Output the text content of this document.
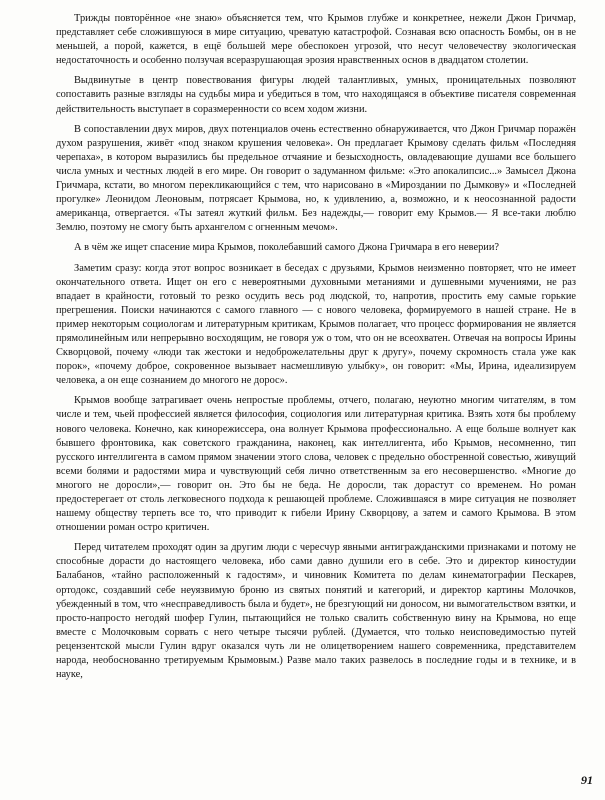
Трижды повторённое «не знаю» объясняется тем, что Крымов глубже и конкретнее, нежели Джон Гричмар, представляет себе сложившуюся в мире ситуацию, чреватую катастрофой. Сознавая всю опасность Бомбы, он в не меньшей, а порой, кажется, в ещё большей мере обеспокоен угрозой, что несут человечеству экологическая недостаточность и особенно ползучая всеразрушающая эрозия нравственных основ в двадцатом столетии.

Выдвинутые в центр повествования фигуры людей талантливых, умных, проницательных позволяют сопоставить разные взгляды на судьбы мира и убедиться в том, что находящаяся в объективе писателя современная действительность выступает в соразмеренности со всем ходом жизни.

В сопоставлении двух миров, двух потенциалов очень естественно обнаруживается, что Джон Гричмар поражён духом разрушения, живёт «под знаком крушения человека». Он предлагает Крымову сделать фильм «Последняя черепаха», в котором выразились бы предельное отчаяние и безысходность, овладевающие душами все большего числа умных и честных людей в его мире. Он говорит о задуманном фильме: «Это апокалипсис...» Замысел Джона Гричмара, кстати, во многом перекликающийся с тем, что нарисовано в «Мироздании по Дымкову» и «Последней прогулке» Леонидом Леоновым, потрясает Крымова, но, к удивлению, а, возможно, и к неосознанной радости американца, отвергается. «Ты затеял жуткий фильм. Без надежды,— говорит ему Крымов.— Я все-таки люблю Землю, поэтому не смогу быть архангелом с огненным мечом».

А в чём же ищет спасение мира Крымов, поколебавший самого Джона Гричмара в его неверии?

Заметим сразу: когда этот вопрос возникает в беседах с друзьями, Крымов неизменно повторяет, что не имеет окончательного ответа. Ищет он его с невероятными духовными метаниями и душевными мучениями, не раз впадает в крайности, готовый то резко осудить весь род людской, то, напротив, простить ему самые горькие прегрешения. Поиски начинаются с самого главного — с нового человека, формируемого в нашей стране. Не в пример некоторым социологам и литературным критикам, Крымов полагает, что процесс формирования не является прямолинейным или непрерывно восходящим, не говоря уж о том, что он не всеохватен. Отвечая на вопросы Ирины Скворцовой, почему «люди так жестоки и недоброжелательны друг к другу», почему скромность стала уже как порок», «почему доброе, сокровенное вызывает насмешливую улыбку», он говорит: «Мы, Ирина, идеализируем человека, а он еще сознанием до многого не дорос».

Крымов вообще затрагивает очень непростые проблемы, отчего, полагаю, неуютно многим читателям, в том числе и тем, чьей профессией является философия, социология или литературная критика. Взять хотя бы проблему нового человека. Конечно, как кинорежиссера, она волнует Крымова профессионально. А еще больше волнует как бывшего фронтовика, как советского гражданина, наконец, как интеллигента, ибо Крымов, несомненно, тип русского интеллигента в самом прямом значении этого слова, человек с предельно обостренной совестью, живущий всеми болями и радостями мира и чувствующий себя лично ответственным за его несовершенство. «Многие до многого не доросли»,— говорит он. Это бы не беда. Не доросли, так дорастут со временем. Но роман предостерегает от столь легковесного подхода к решающей проблеме. Сложившаяся в мире ситуация не позволяет нашему обществу терпеть все то, что приводит к гибели Ирину Скворцову, а затем и самого Крымова. В этом отношении роман остро критичен.

Перед читателем проходят один за другим люди с чересчур явными антигражданскими признаками и потому не способные дорасти до настоящего человека, ибо сами давно душили его в себе. Это и директор киностудии Балабанов, «тайно расположенный к гадостям», и чиновник Комитета по делам кинематографии Пескарев, ортодокс, создавший себе неуязвимую броню из святых понятий и категорий, и директор картины Молочков, убежденный в том, что «несправедливость была и будет», не брезгующий ни доносом, ни вымогательством взятки, и просто-напросто негодяй шофер Гулин, пытающийся не только свалить собственную вину на Крымова, но еще вместе с Молочковым сорвать с него четыре тысячи рублей. (Думается, что только неисповедимостью путей рецензентской мысли Гулин вдруг оказался чуть ли не олицетворением нашего современника, представителем народа, необоснованно третируемым Крымовым.) Разве мало таких развелось в последние годы и в технике, и в науке,

91
